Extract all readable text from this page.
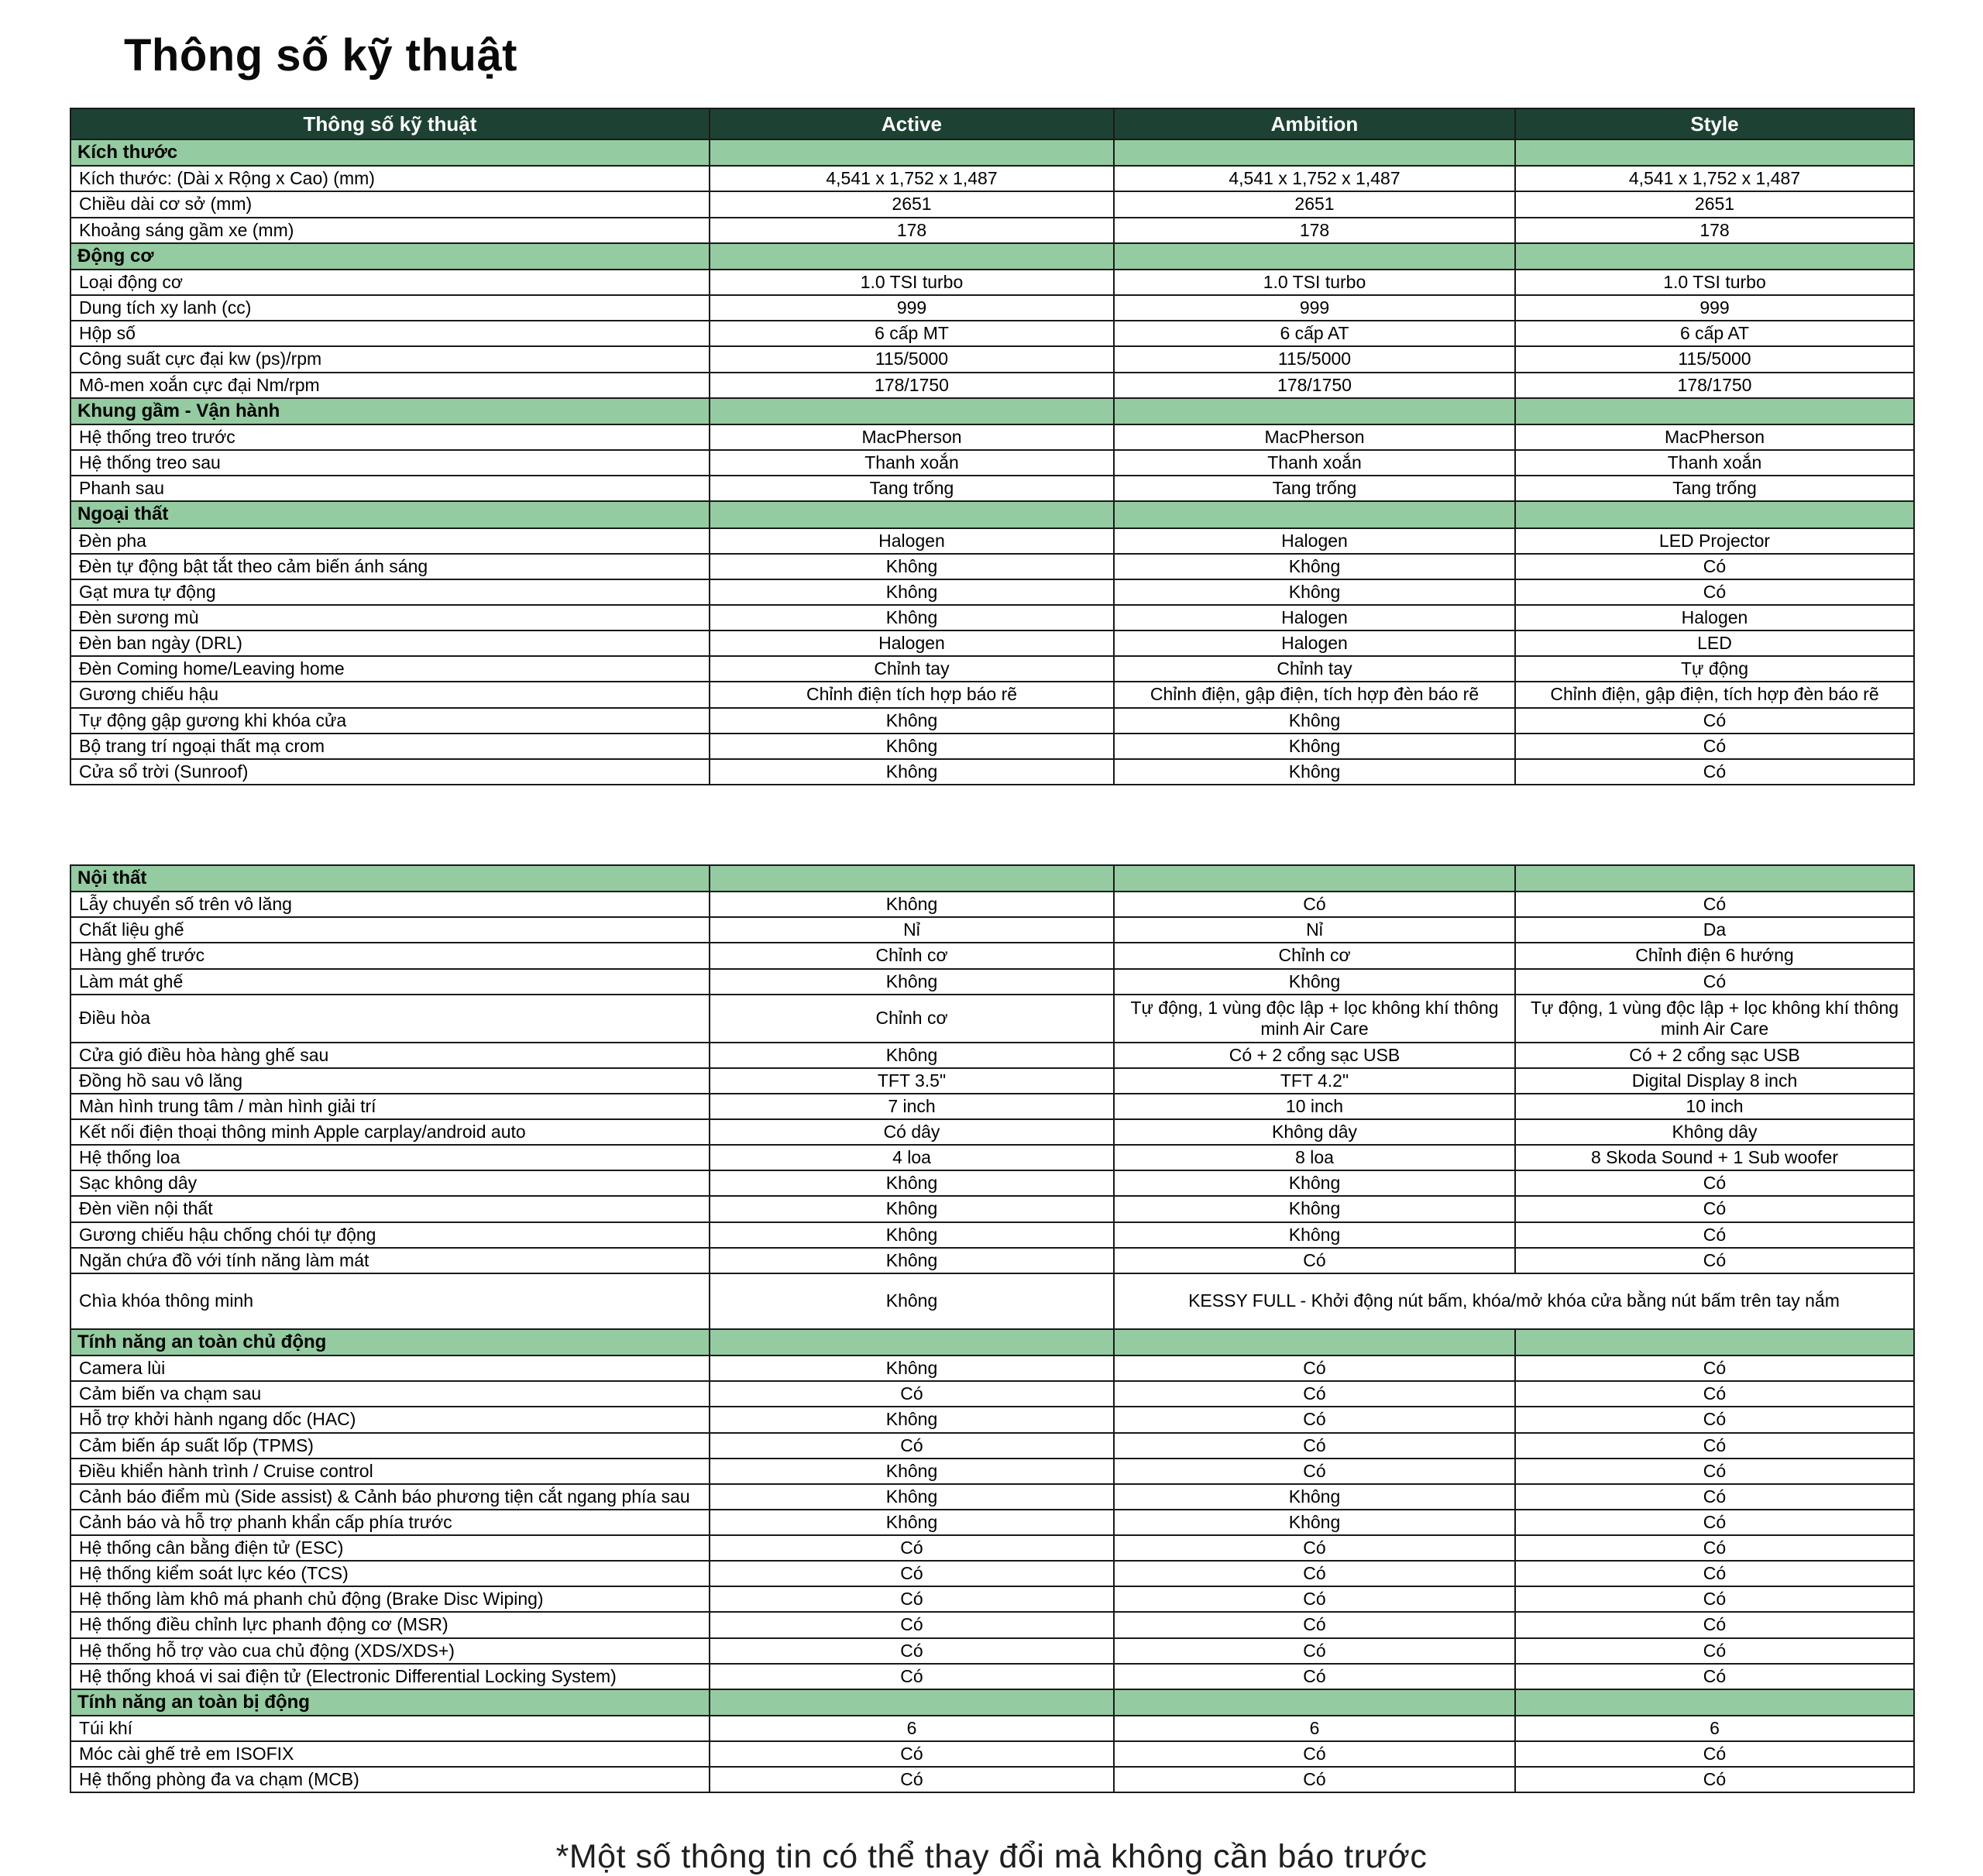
Thông số kỹ thuật
Thông số kỹ thuật	Active	Ambition	Style
Kích thước			
Kích thước: (Dài x Rộng x Cao) (mm)	4,541 x 1,752 x 1,487	4,541 x 1,752 x 1,487	4,541 x 1,752 x 1,487
Chiều dài cơ sở (mm)	2651	2651	2651
Khoảng sáng gầm xe (mm)	178	178	178
Động cơ			
Loại động cơ	1.0 TSI turbo	1.0 TSI turbo	1.0 TSI turbo
Dung tích xy lanh (cc)	999	999	999
Hộp số	6 cấp MT	6 cấp AT	6 cấp AT
Công suất cực đại kw (ps)/rpm	115/5000	115/5000	115/5000
Mô-men xoắn cực đại Nm/rpm	178/1750	178/1750	178/1750
Khung gầm - Vận hành			
Hệ thống treo trước	MacPherson	MacPherson	MacPherson
Hệ thống treo sau	Thanh xoắn	Thanh xoắn	Thanh xoắn
Phanh sau	Tang trống	Tang trống	Tang trống
Ngoại thất			
Đèn pha	Halogen	Halogen	LED Projector
Đèn tự động bật tắt theo cảm biến ánh sáng	Không	Không	Có
Gạt mưa tự động	Không	Không	Có
Đèn sương mù	Không	Halogen	Halogen
Đèn ban ngày (DRL)	Halogen	Halogen	LED
Đèn Coming home/Leaving home	Chỉnh tay	Chỉnh tay	Tự động
Gương chiếu hậu	Chỉnh điện tích hợp báo rẽ	Chỉnh điện, gập điện, tích hợp đèn báo rẽ	Chỉnh điện, gập điện, tích hợp đèn báo rẽ
Tự động gập gương khi khóa cửa	Không	Không	Có
Bộ trang trí ngoại thất mạ crom	Không	Không	Có
Cửa sổ trời (Sunroof)	Không	Không	Có
Nội thất			
Lẫy chuyển số trên vô lăng	Không	Có	Có
Chất liệu ghế	Nỉ	Nỉ	Da
Hàng ghế trước	Chỉnh cơ	Chỉnh cơ	Chỉnh điện 6 hướng
Làm mát ghế	Không	Không	Có
Điều hòa	Chỉnh cơ	Tự động, 1 vùng độc lập + lọc không khí thông minh Air Care	Tự động, 1 vùng độc lập + lọc không khí thông minh Air Care
Cửa gió điều hòa hàng ghế sau	Không	Có + 2 cổng sạc USB	Có + 2 cổng sạc USB
Đồng hồ sau vô lăng	TFT 3.5"	TFT 4.2"	Digital Display 8 inch
Màn hình trung tâm / màn hình giải trí	7 inch	10 inch	10 inch
Kết nối điện thoại thông minh Apple carplay/android auto	Có dây	Không dây	Không dây
Hệ thống loa	4 loa	8 loa	8 Skoda Sound + 1 Sub woofer
Sạc không dây	Không	Không	Có
Đèn viền nội thất	Không	Không	Có
Gương chiếu hậu chống chói tự động	Không	Không	Có
Ngăn chứa đồ với tính năng làm mát	Không	Có	Có
Chìa khóa thông minh	Không	KESSY FULL - Khởi động nút bấm, khóa/mở khóa cửa bằng nút bấm trên tay nắm	
Tính năng an toàn chủ động			
Camera lùi	Không	Có	Có
Cảm biến va chạm sau	Có	Có	Có
Hỗ trợ khởi hành ngang dốc (HAC)	Không	Có	Có
Cảm biến áp suất lốp (TPMS)	Có	Có	Có
Điều khiển hành trình / Cruise control	Không	Có	Có
Cảnh báo điểm mù (Side assist) & Cảnh báo phương tiện cắt ngang phía sau	Không	Không	Có
Cảnh báo và hỗ trợ phanh khẩn cấp phía trước	Không	Không	Có
Hệ thống cân bằng điện tử (ESC)	Có	Có	Có
Hệ thống kiểm soát lực kéo (TCS)	Có	Có	Có
Hệ thống làm khô má phanh chủ động (Brake Disc Wiping)	Có	Có	Có
Hệ thống điều chỉnh lực phanh động cơ (MSR)	Có	Có	Có
Hệ thống hỗ trợ vào cua chủ động (XDS/XDS+)	Có	Có	Có
Hệ thống khoá vi sai điện tử (Electronic Differential Locking System)	Có	Có	Có
Tính năng an toàn bị động			
Túi khí	6	6	6
Móc cài ghế trẻ em ISOFIX	Có	Có	Có
Hệ thống phòng đa va chạm (MCB)	Có	Có	Có

*Một số thông tin có thể thay đổi mà không cần báo trước
